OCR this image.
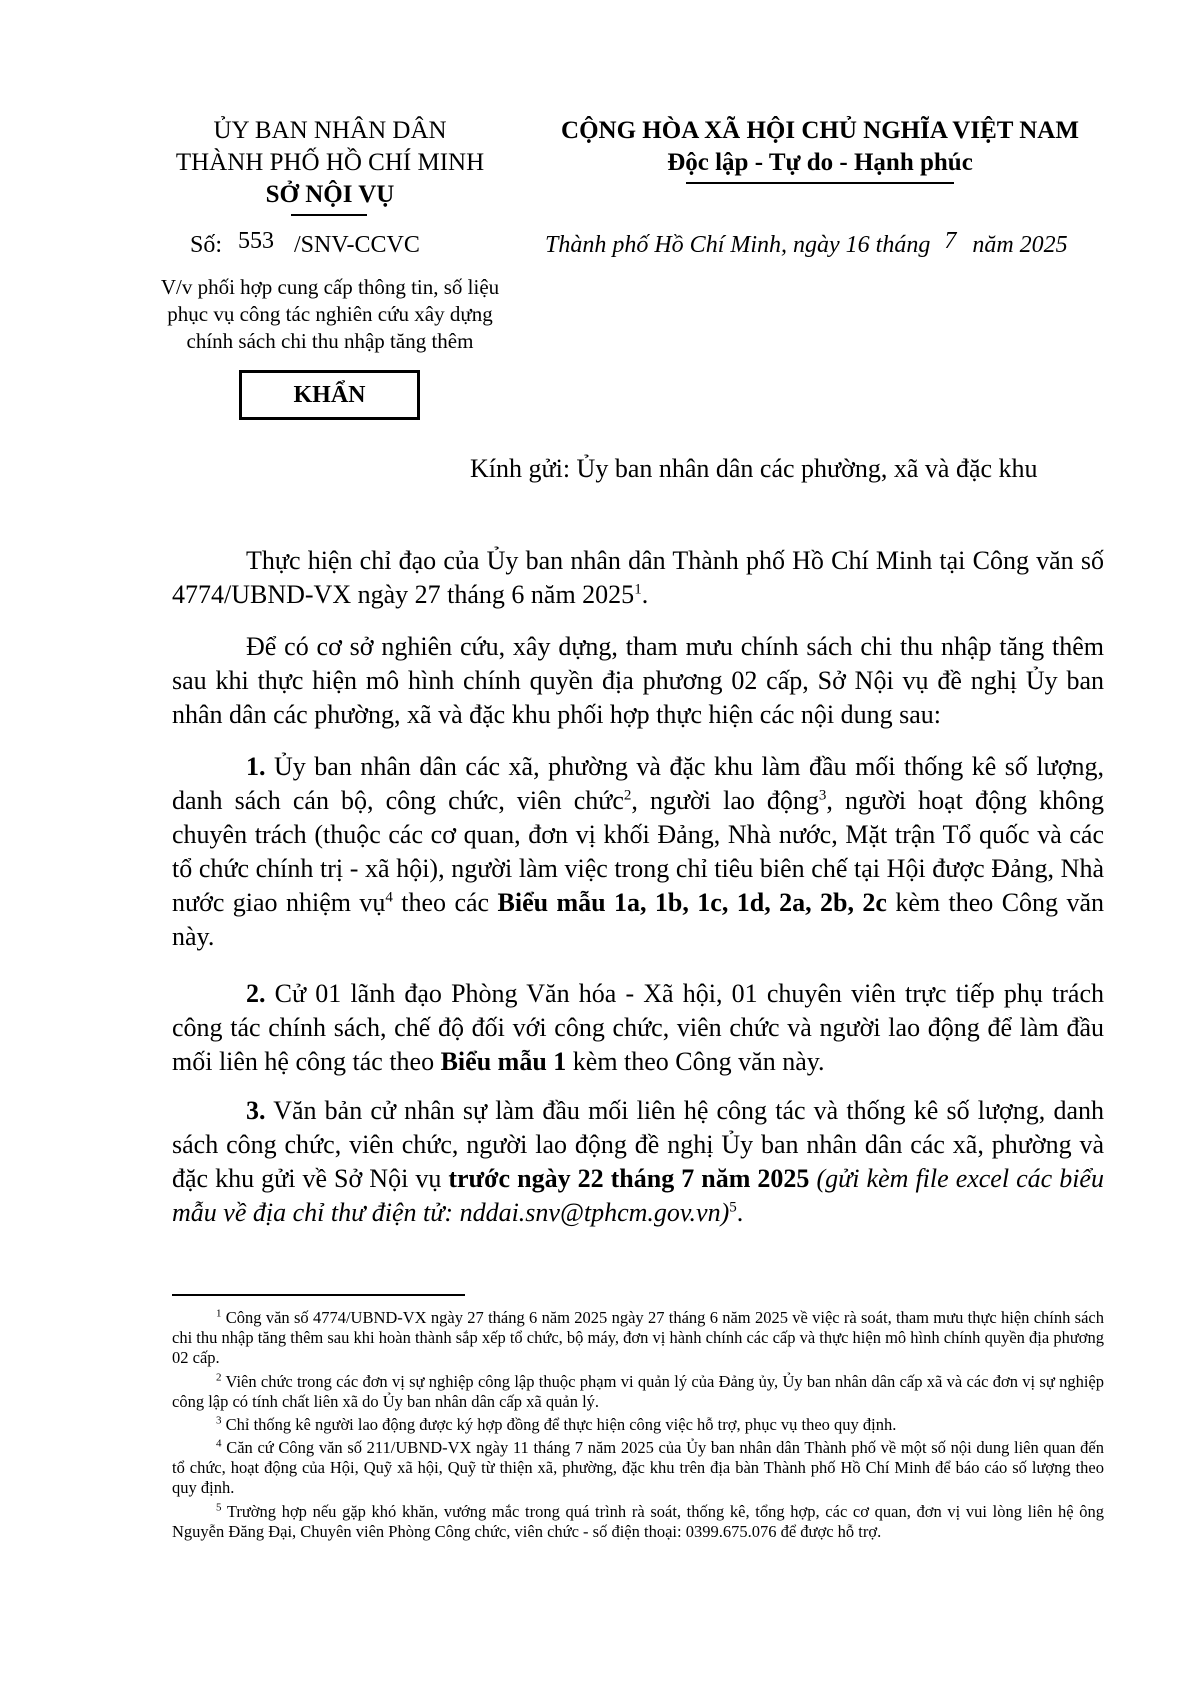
ỦY BAN NHÂN DÂN
THÀNH PHỐ HỒ CHÍ MINH
SỞ NỘI VỤ
Số: 553 /SNV-CCVC
V/v phối hợp cung cấp thông tin, số liệu phục vụ công tác nghiên cứu xây dựng chính sách chi thu nhập tăng thêm
KHẨN
CỘNG HÒA XÃ HỘI CHỦ NGHĨA VIỆT NAM
Độc lập - Tự do - Hạnh phúc
Thành phố Hồ Chí Minh, ngày 16 tháng 7 năm 2025
Kính gửi: Ủy ban nhân dân các phường, xã và đặc khu
Thực hiện chỉ đạo của Ủy ban nhân dân Thành phố Hồ Chí Minh tại Công văn số 4774/UBND-VX ngày 27 tháng 6 năm 2025$^1$.
Để có cơ sở nghiên cứu, xây dựng, tham mưu chính sách chi thu nhập tăng thêm sau khi thực hiện mô hình chính quyền địa phương 02 cấp, Sở Nội vụ đề nghị Ủy ban nhân dân các phường, xã và đặc khu phối hợp thực hiện các nội dung sau:
1. Ủy ban nhân dân các xã, phường và đặc khu làm đầu mối thống kê số lượng, danh sách cán bộ, công chức, viên chức$^2$, người lao động$^3$, người hoạt động không chuyên trách (thuộc các cơ quan, đơn vị khối Đảng, Nhà nước, Mặt trận Tổ quốc và các tổ chức chính trị - xã hội), người làm việc trong chỉ tiêu biên chế tại Hội được Đảng, Nhà nước giao nhiệm vụ$^4$ theo các Biểu mẫu 1a, 1b, 1c, 1d, 2a, 2b, 2c kèm theo Công văn này.
2. Cử 01 lãnh đạo Phòng Văn hóa - Xã hội, 01 chuyên viên trực tiếp phụ trách công tác chính sách, chế độ đối với công chức, viên chức và người lao động để làm đầu mối liên hệ công tác theo Biểu mẫu 1 kèm theo Công văn này.
3. Văn bản cử nhân sự làm đầu mối liên hệ công tác và thống kê số lượng, danh sách công chức, viên chức, người lao động đề nghị Ủy ban nhân dân các xã, phường và đặc khu gửi về Sở Nội vụ trước ngày 22 tháng 7 năm 2025 (gửi kèm file excel các biểu mẫu về địa chỉ thư điện tử: nddai.snv@tphcm.gov.vn)$^5$.
$^1$ Công văn số 4774/UBND-VX ngày 27 tháng 6 năm 2025 ngày 27 tháng 6 năm 2025 về việc rà soát, tham mưu thực hiện chính sách chi thu nhập tăng thêm sau khi hoàn thành sắp xếp tổ chức, bộ máy, đơn vị hành chính các cấp và thực hiện mô hình chính quyền địa phương 02 cấp.
$^2$ Viên chức trong các đơn vị sự nghiệp công lập thuộc phạm vi quản lý của Đảng ủy, Ủy ban nhân dân cấp xã và các đơn vị sự nghiệp công lập có tính chất liên xã do Ủy ban nhân dân cấp xã quản lý.
$^3$ Chỉ thống kê người lao động được ký hợp đồng để thực hiện công việc hỗ trợ, phục vụ theo quy định.
$^4$ Căn cứ Công văn số 211/UBND-VX ngày 11 tháng 7 năm 2025 của Ủy ban nhân dân Thành phố về một số nội dung liên quan đến tổ chức, hoạt động của Hội, Quỹ xã hội, Quỹ từ thiện xã, phường, đặc khu trên địa bàn Thành phố Hồ Chí Minh để báo cáo số lượng theo quy định.
$^5$ Trường hợp nếu gặp khó khăn, vướng mắc trong quá trình rà soát, thống kê, tổng hợp, các cơ quan, đơn vị vui lòng liên hệ ông Nguyễn Đăng Đại, Chuyên viên Phòng Công chức, viên chức - số điện thoại: 0399.675.076 để được hỗ trợ.
